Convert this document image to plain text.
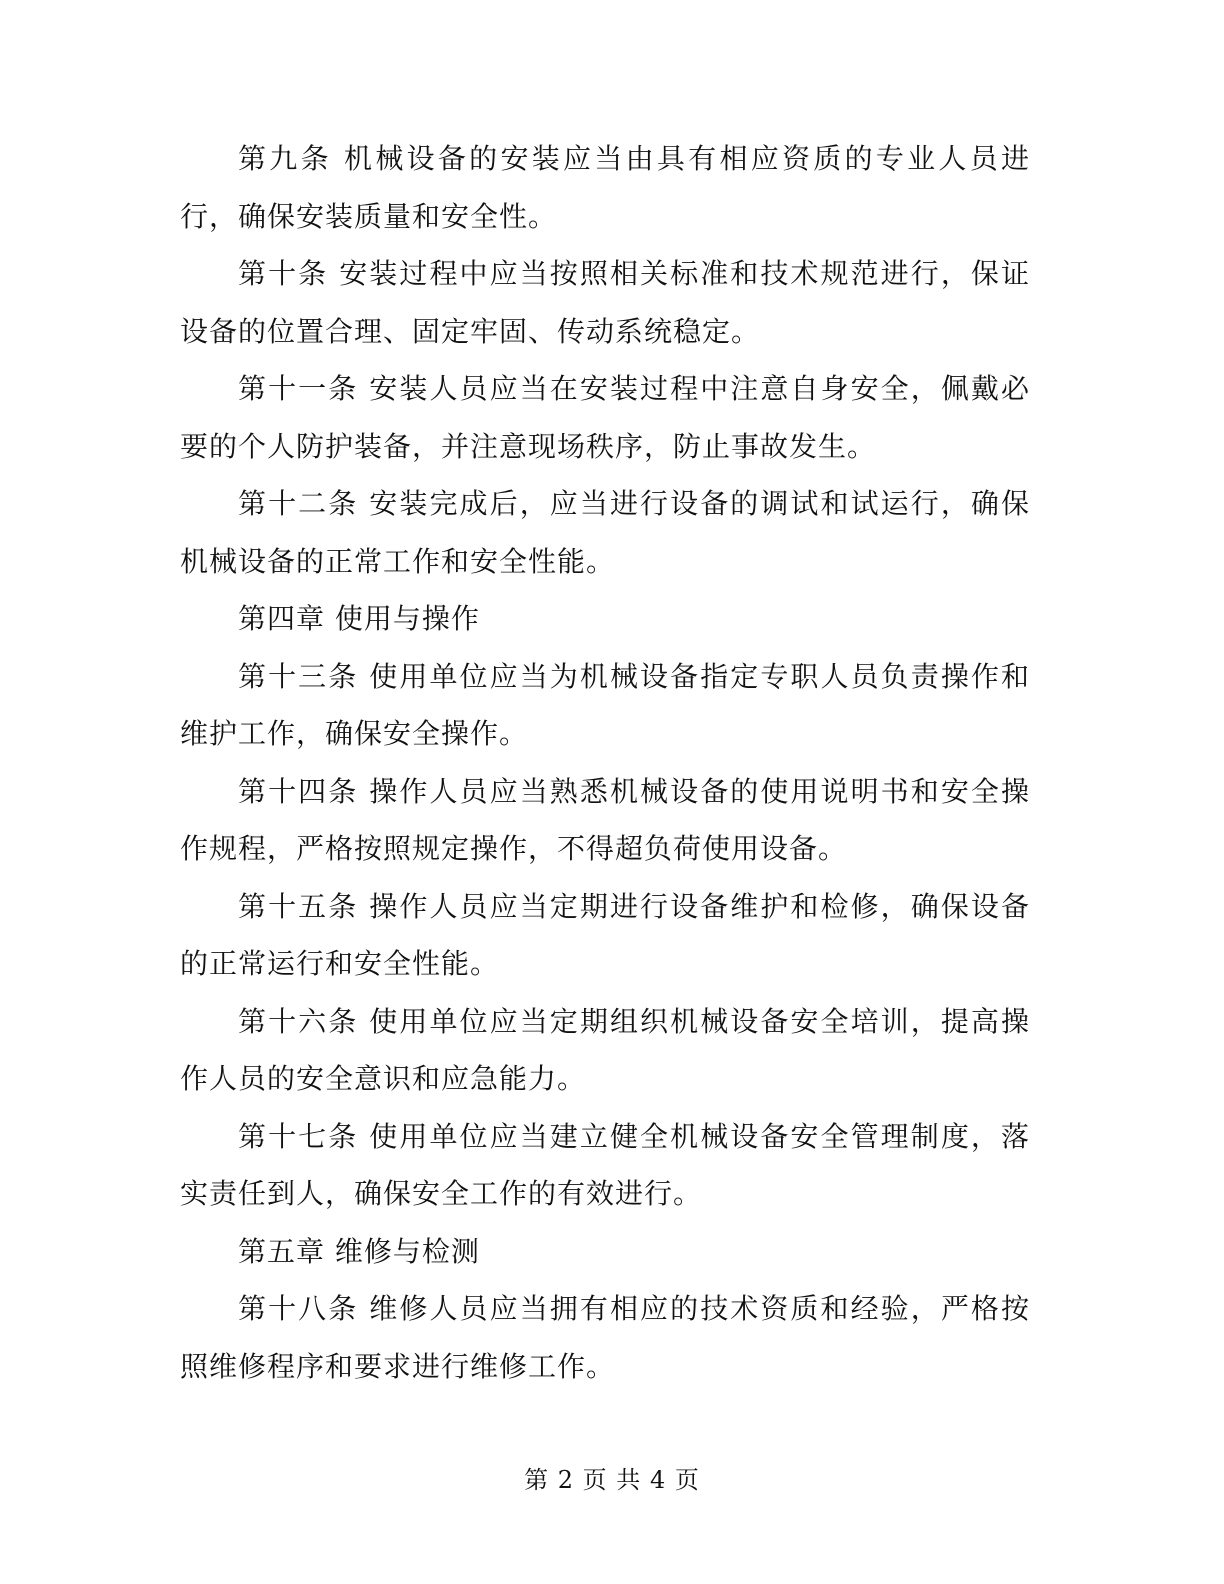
第九条 机械设备的安装应当由具有相应资质的专业人员进行，确保安装质量和安全性。

第十条 安装过程中应当按照相关标准和技术规范进行，保证设备的位置合理、固定牢固、传动系统稳定。

第十一条 安装人员应当在安装过程中注意自身安全，佩戴必要的个人防护装备，并注意现场秩序，防止事故发生。

第十二条 安装完成后，应当进行设备的调试和试运行，确保机械设备的正常工作和安全性能。

第四章 使用与操作

第十三条 使用单位应当为机械设备指定专职人员负责操作和维护工作，确保安全操作。

第十四条 操作人员应当熟悉机械设备的使用说明书和安全操作规程，严格按照规定操作，不得超负荷使用设备。

第十五条 操作人员应当定期进行设备维护和检修，确保设备的正常运行和安全性能。

第十六条 使用单位应当定期组织机械设备安全培训，提高操作人员的安全意识和应急能力。

第十七条 使用单位应当建立健全机械设备安全管理制度，落实责任到人，确保安全工作的有效进行。

第五章 维修与检测

第十八条 维修人员应当拥有相应的技术资质和经验，严格按照维修程序和要求进行维修工作。

第 2 页 共 4 页
